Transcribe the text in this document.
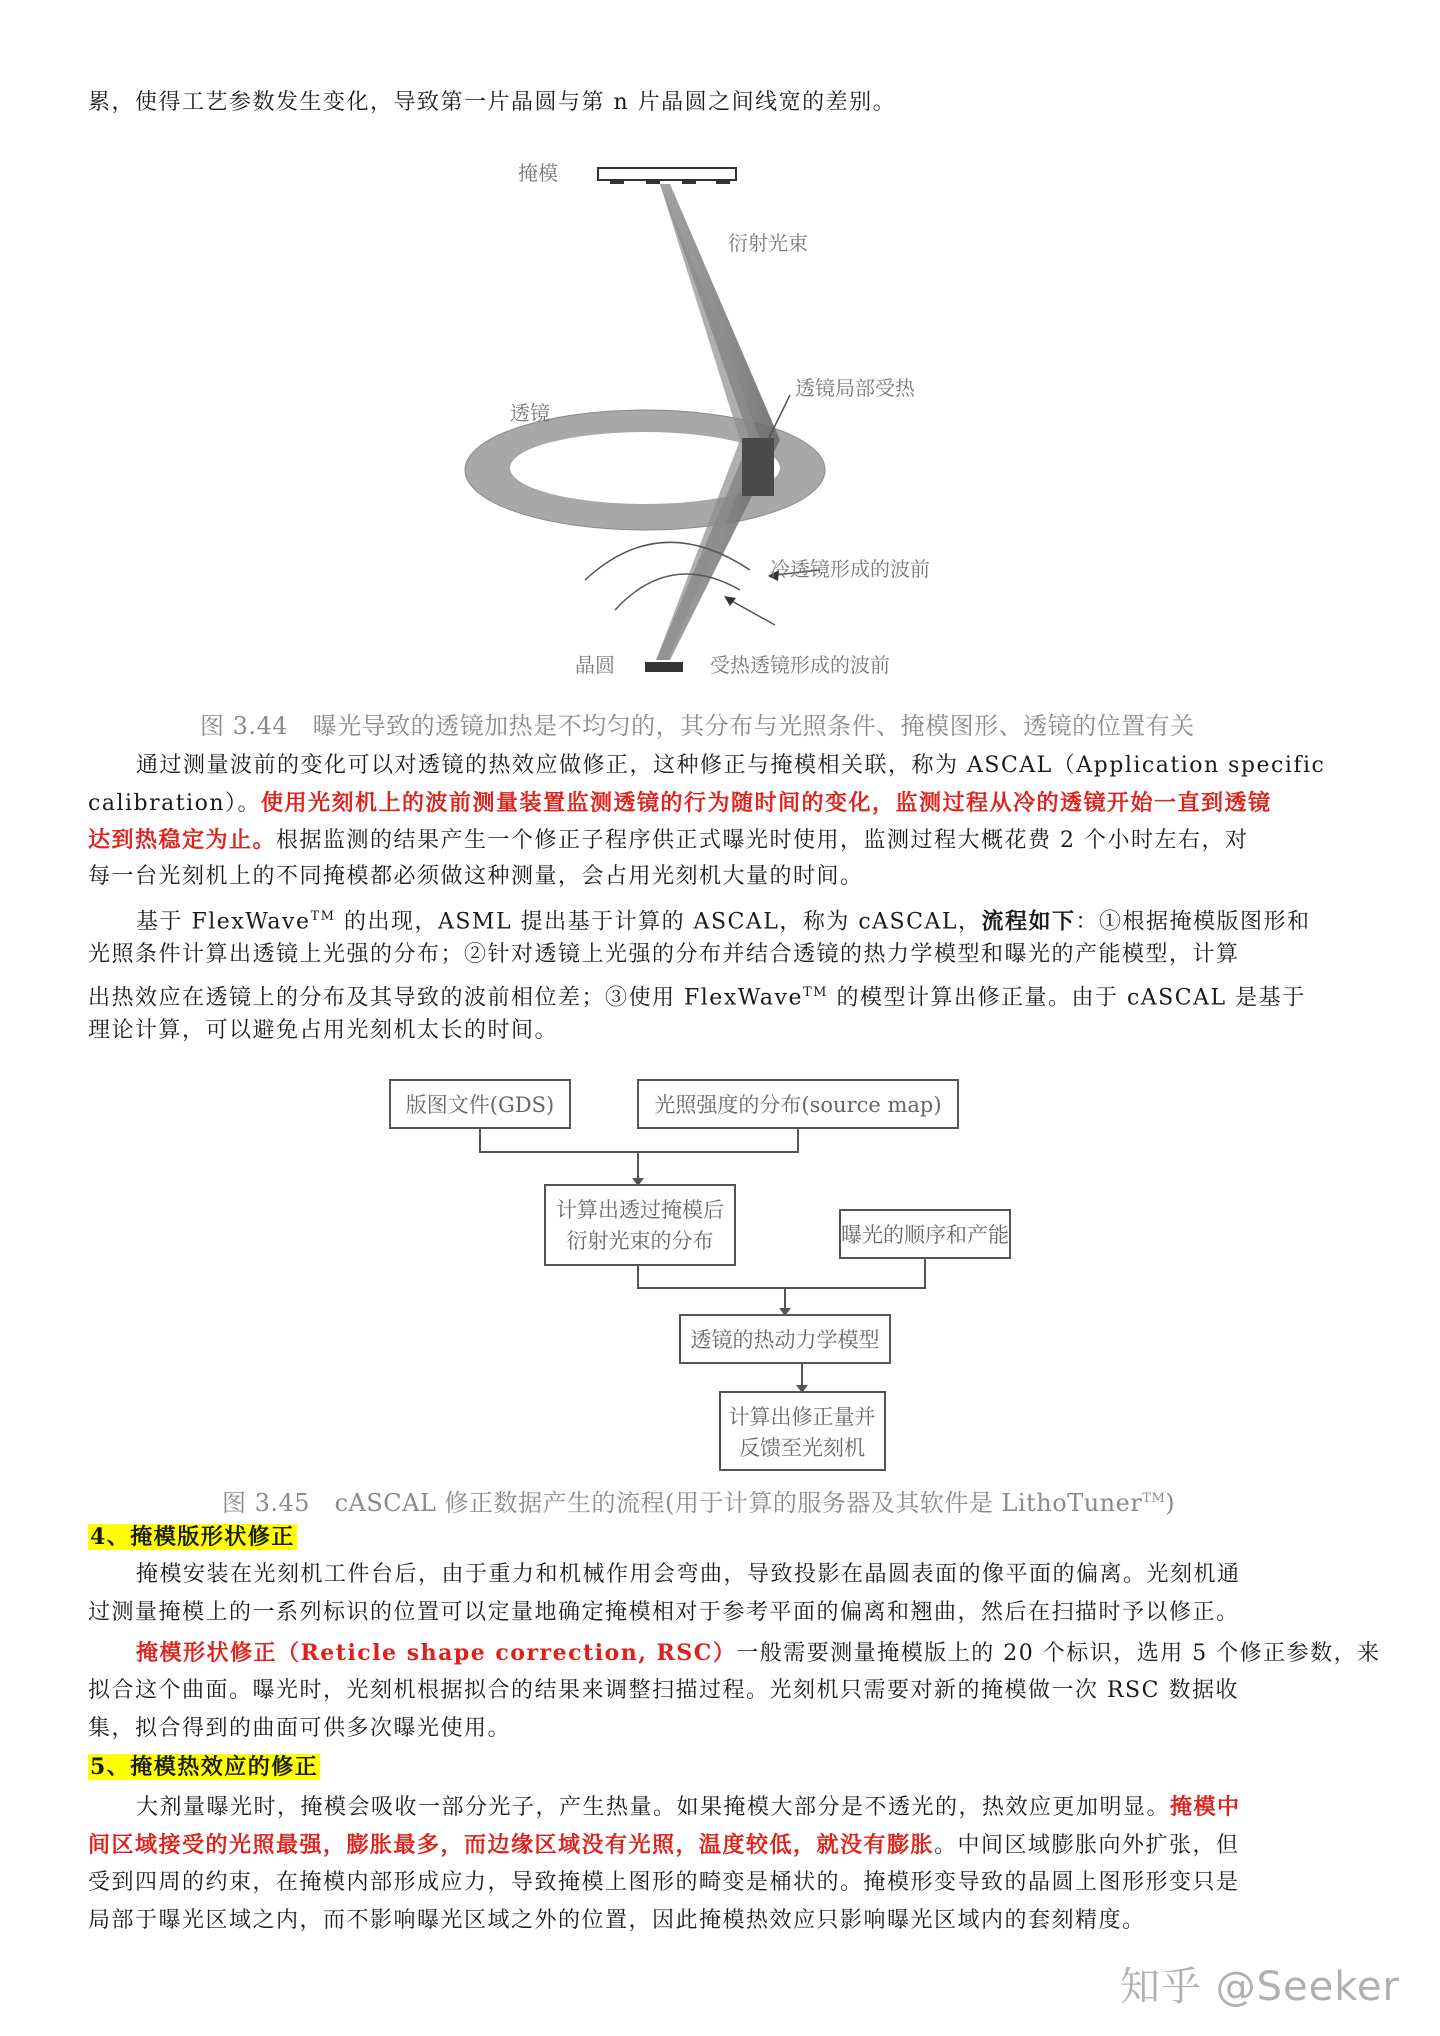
累，使得工艺参数发生变化，导致第一片晶圆与第 n 片晶圆之间线宽的差别。
掩模
衍射光束
透镜局部受热
透镜
冷透镜形成的波前
晶圆	受热透镜形成的波前
图 3.44　曝光导致的透镜加热是不均匀的，其分布与光照条件、掩模图形、透镜的位置有关
通过测量波前的变化可以对透镜的热效应做修正，这种修正与掩模相关联，称为 ASCAL（Application specific
calibration）。使用光刻机上的波前测量装置监测透镜的行为随时间的变化，监测过程从冷的透镜开始一直到透镜
达到热稳定为止。根据监测的结果产生一个修正子程序供正式曝光时使用，监测过程大概花费 2 个小时左右，对
每一台光刻机上的不同掩模都必须做这种测量，会占用光刻机大量的时间。
基于 FlexWave™ 的出现，ASML 提出基于计算的 ASCAL，称为 cASCAL，流程如下：①根据掩模版图形和
光照条件计算出透镜上光强的分布；②针对透镜上光强的分布并结合透镜的热力学模型和曝光的产能模型，计算
出热效应在透镜上的分布及其导致的波前相位差；③使用 FlexWave™ 的模型计算出修正量。由于 cASCAL 是基于
理论计算，可以避免占用光刻机太长的时间。
版图文件(GDS)	光照强度的分布(source map)
计算出透过掩模后
衍射光束的分布	曝光的顺序和产能
透镜的热动力学模型
计算出修正量并
反馈至光刻机
图 3.45　cASCAL 修正数据产生的流程(用于计算的服务器及其软件是 LithoTuner™)
4、掩模版形状修正
掩模安装在光刻机工件台后，由于重力和机械作用会弯曲，导致投影在晶圆表面的像平面的偏离。光刻机通
过测量掩模上的一系列标识的位置可以定量地确定掩模相对于参考平面的偏离和翘曲，然后在扫描时予以修正。
掩模形状修正（Reticle shape correction, RSC）一般需要测量掩模版上的 20 个标识，选用 5 个修正参数，来
拟合这个曲面。曝光时，光刻机根据拟合的结果来调整扫描过程。光刻机只需要对新的掩模做一次 RSC 数据收
集，拟合得到的曲面可供多次曝光使用。
5、掩模热效应的修正
大剂量曝光时，掩模会吸收一部分光子，产生热量。如果掩模大部分是不透光的，热效应更加明显。掩模中
间区域接受的光照最强，膨胀最多，而边缘区域没有光照，温度较低，就没有膨胀。中间区域膨胀向外扩张，但
受到四周的约束，在掩模内部形成应力，导致掩模上图形的畸变是桶状的。掩模形变导致的晶圆上图形形变只是
局部于曝光区域之内，而不影响曝光区域之外的位置，因此掩模热效应只影响曝光区域内的套刻精度。
知乎 @Seeker
